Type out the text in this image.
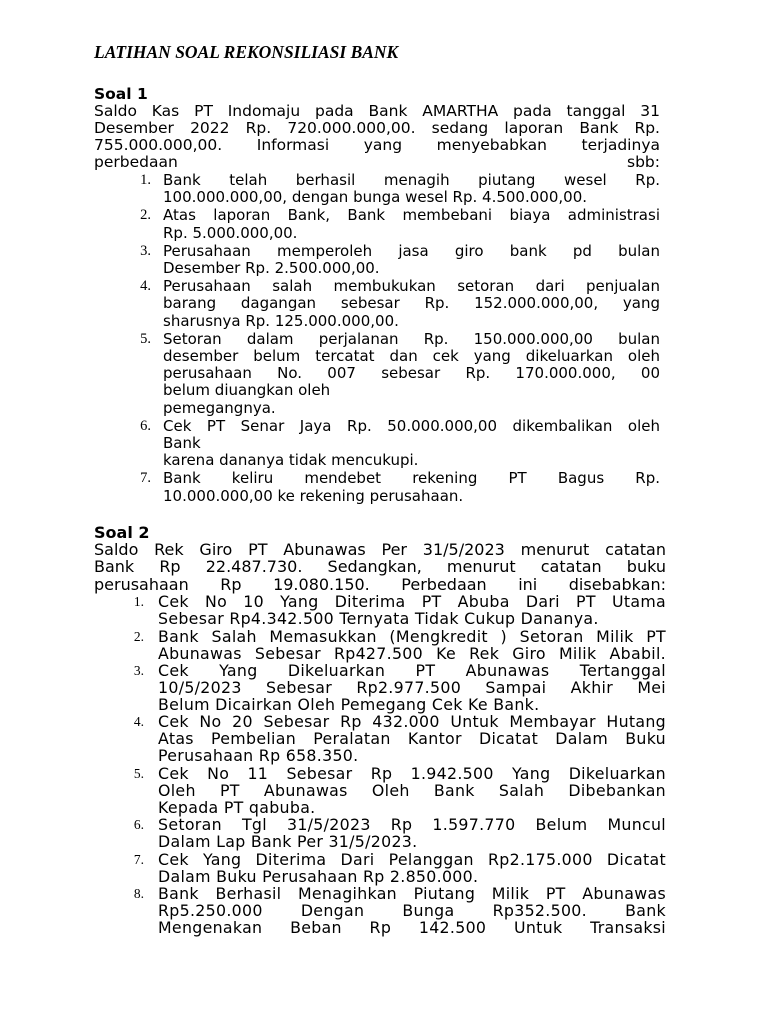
LATIHAN SOAL REKONSILIASI BANK
Soal 1
Saldo Kas PT Indomaju pada Bank AMARTHA pada tanggal 31
Desember 2022 Rp. 720.000.000,00. sedang laporan Bank Rp.
755.000.000,00. Informasi yang menyebabkan terjadinya
perbedaan sbb:
1. Bank telah berhasil menagih piutang wesel Rp.
100.000.000,00, dengan bunga wesel Rp. 4.500.000,00.
2. Atas laporan Bank, Bank membebani biaya administrasi
Rp. 5.000.000,00.
3. Perusahaan memperoleh jasa giro bank pd bulan
Desember Rp. 2.500.000,00.
4. Perusahaan salah membukukan setoran dari penjualan
barang dagangan sebesar Rp. 152.000.000,00, yang
sharusnya Rp. 125.000.000,00.
5. Setoran dalam perjalanan Rp. 150.000.000,00 bulan
desember belum tercatat dan cek yang dikeluarkan oleh
perusahaan No. 007 sebesar Rp. 170.000.000, 00
belum diuangkan oleh
pemegangnya.
6. Cek PT Senar Jaya Rp. 50.000.000,00 dikembalikan oleh
Bank
karena dananya tidak mencukupi.
7. Bank keliru mendebet rekening PT Bagus Rp.
10.000.000,00 ke rekening perusahaan.
Soal 2
Saldo Rek Giro PT Abunawas Per 31/5/2023 menurut catatan
Bank Rp 22.487.730. Sedangkan, menurut catatan buku
perusahaan Rp 19.080.150. Perbedaan ini disebabkan:
1. Cek No 10 Yang Diterima PT Abuba Dari PT Utama
Sebesar Rp4.342.500 Ternyata Tidak Cukup Dananya.
2. Bank Salah Memasukkan (Mengkredit ) Setoran Milik PT
Abunawas Sebesar Rp427.500 Ke Rek Giro Milik Ababil.
3. Cek Yang Dikeluarkan PT Abunawas Tertanggal
10/5/2023 Sebesar Rp2.977.500 Sampai Akhir Mei
Belum Dicairkan Oleh Pemegang Cek Ke Bank.
4. Cek No 20 Sebesar Rp 432.000 Untuk Membayar Hutang
Atas Pembelian Peralatan Kantor Dicatat Dalam Buku
Perusahaan Rp 658.350.
5. Cek No 11 Sebesar Rp 1.942.500 Yang Dikeluarkan
Oleh PT Abunawas Oleh Bank Salah Dibebankan
Kepada PT qabuba.
6. Setoran Tgl 31/5/2023 Rp 1.597.770 Belum Muncul
Dalam Lap Bank Per 31/5/2023.
7. Cek Yang Diterima Dari Pelanggan Rp2.175.000 Dicatat
Dalam Buku Perusahaan Rp 2.850.000.
8. Bank Berhasil Menagihkan Piutang Milik PT Abunawas
Rp5.250.000 Dengan Bunga Rp352.500. Bank
Mengenakan Beban Rp 142.500 Untuk Transaksi
